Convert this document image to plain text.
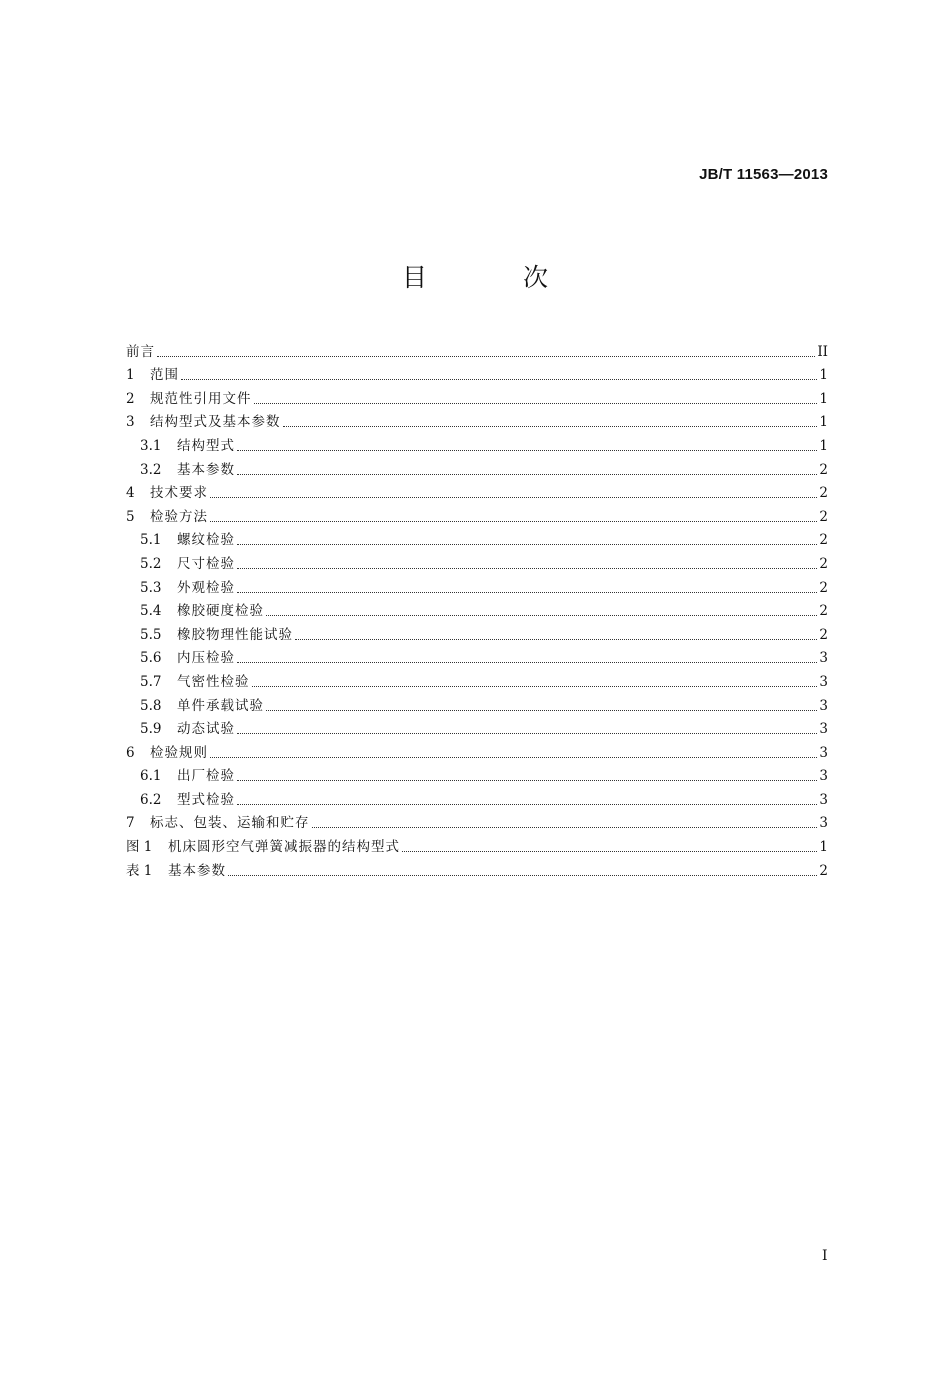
JB/T 11563—2013
目 次
前言	II
1	范围	1
2	规范性引用文件	1
3	结构型式及基本参数	1
3.1	结构型式	1
3.2	基本参数	2
4	技术要求	2
5	检验方法	2
5.1	螺纹检验	2
5.2	尺寸检验	2
5.3	外观检验	2
5.4	橡胶硬度检验	2
5.5	橡胶物理性能试验	2
5.6	内压检验	3
5.7	气密性检验	3
5.8	单件承载试验	3
5.9	动态试验	3
6	检验规则	3
6.1	出厂检验	3
6.2	型式检验	3
7	标志、包装、运输和贮存	3
图 1	机床圆形空气弹簧减振器的结构型式	1
表 1	基本参数	2
I
